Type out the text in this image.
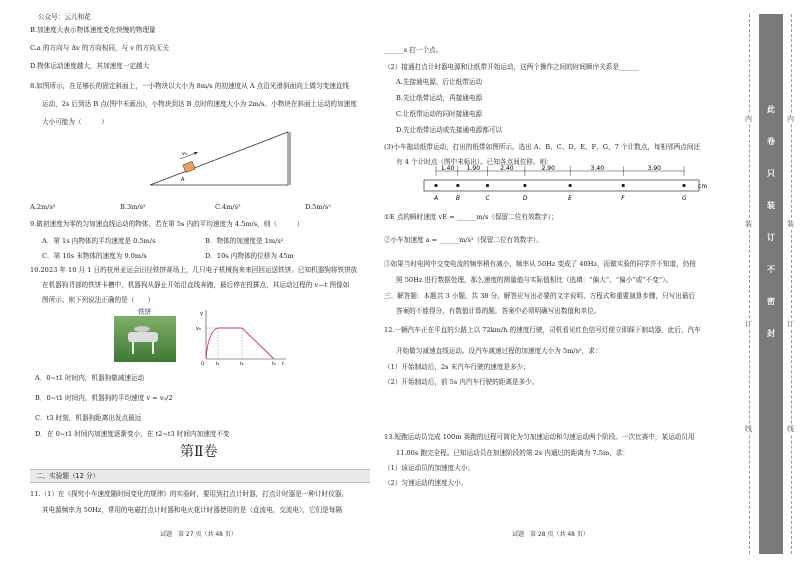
公众号：云儿和花
B.加速度大表示物体速度变化快慢的物理量
C.a 的方向与 Δv 的方向相同，与 v 的方向无关
D.物体运动速度越大，其加速度一定越大
8.如图所示，在足够长的固定斜面上，一小物块以大小为 8m/s 的初速度从 A 点沿光滑斜面向上做匀变速直线
运动，2s 后到达 B 点(图中未画出)，小物块到达 B 点时的速度大小为 2m/s。小物块在斜面上运动的加速度
大小可能为（　　　）
v₀
A
A.2m/s²	B.3m/s²	C.4m/s²	D.5m/s²
9.做初速度为零的匀加速直线运动的物体，若在第 5s 内的平均速度为 4.5m/s，则（　　　）
A．第 1s 内物体的平均速度是 0.5m/s	B．物体的加速度是 1m/s²
C．第 10s 末物体的速度为 9.0m/s	D．10s 内物体的位移为 45m
10.2023 年 10 月 1 日的杭州亚运会田径铁饼赛场上，几只电子机械狗来来回回运送铁饼。已知机器狗将铁饼放
在机器狗背部的铁饼卡槽中，机器狗从静止开始沿直线奔跑，最后停在投掷点，其运动过程的 v—t 图像如
图所示。则下列说法正确的是（　　）
铁饼	v
v₀
O	t₁	t₂	t₃ t
A．0~t1 时间内，机器狗做减速运动
B．0~t1 时间内，机器狗的平均速度 v = v₀/2
C．t3 时刻，机器狗距离出发点最远
D．在 0~t1 时间内加速度逐渐变小，在 t2~t3 时间内加速度不变
第Ⅱ卷
二、实验题（12 分）
11.（1）在《探究小车速度随时间变化的规律》的实验时，要用到打点计时器，打点计时器是一种计时仪器，
其电源频率为 50Hz，常用的电磁打点计时器和电火花计时器使用的是（直流电，交流电），它们是每隔
试题　第 27 页（共 48 页）
______s 打一个点。
（2）接通打点计时器电源和让纸带开始运动，这两个操作之间的时间顺序关系是______
A.先接通电源，后让纸带运动
B.先让纸带运动，再接通电源
C.让纸带运动的同时接通电源
D.先让纸带运动或先接通电源都可以
(3)小车拖动纸带运动，打出的纸带如图所示。选出 A、B、C、D、E、F、G，7 个计数点，每相邻两点间还
有 4 个计时点（图中未标出）。已知各点间位移。则：
A	B	C	D	E	F	G
1.40 1.90	2.40	2.90	3.40	3.90
cm
①E 点的瞬时速度 vE = ______m/s（保留二位有效数字）；
②小车加速度 a = ______m/s²（保留二位有效数字）。
③如果当时电网中交变电流的频率稍有减小，频率从 50Hz 变成了 40Hz，而做实验的同学并不知道，仍按
照 50Hz 进行数据处理，那么速度的测量值与实际值相比（选填：“偏大”、“偏小”或“不变”）。
三、解答题：本题共 3 小题，共 38 分。解答应写出必要的文字说明、方程式和重要演算步骤，只写出最后
答案的不能得分，有数值计算的题，答案中必须明确写出数值和单位。
12.一辆汽车正在平直的公路上以 72km/h 的速度行驶，司机看见红色信号灯便立即踩下制动器，此后，汽车
开始做匀减速直线运动。设汽车减速过程的加速度大小为 5m/s²，求：
（1）开始制动后，2s 末汽车行驶的速度是多少；
（2）开始制动后，前 5s 内汽车行驶的距离是多少。
13.短跑运动员完成 100m 赛跑的过程可简化为匀加速运动和匀速运动两个阶段。一次比赛中，某运动员用
11.00s 跑完全程。已知运动员在加速阶段的第 2s 内通过的距离为 7.5m，求：
（1）该运动员的加速度大小；
（2）匀速运动的速度大小。
试题　第 28 页（共 48 页）
此
卷
只
装
订
不
密
封
内
装
订
线
内
装
订
线
